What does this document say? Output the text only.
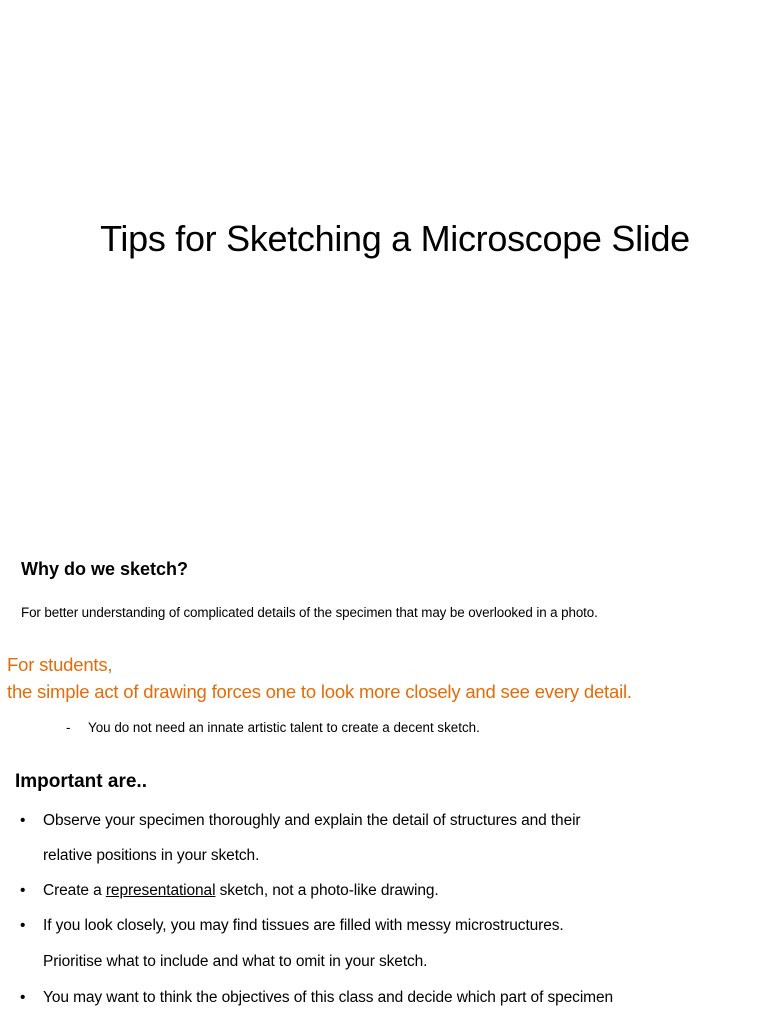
Tips for Sketching a Microscope Slide
Why do we sketch?
For better understanding of complicated details of the specimen that may be overlooked in a photo.
For students,
the simple act of drawing forces one to look more closely and see every detail.
- You do not need an innate artistic talent to create a decent sketch.
Important are..
• Observe your specimen thoroughly and explain the detail of structures and their
relative positions in your sketch.
• Create a representational sketch, not a photo-like drawing.
• If you look closely, you may find tissues are filled with messy microstructures.
Prioritise what to include and what to omit in your sketch.
• You may want to think the objectives of this class and decide which part of specimen
